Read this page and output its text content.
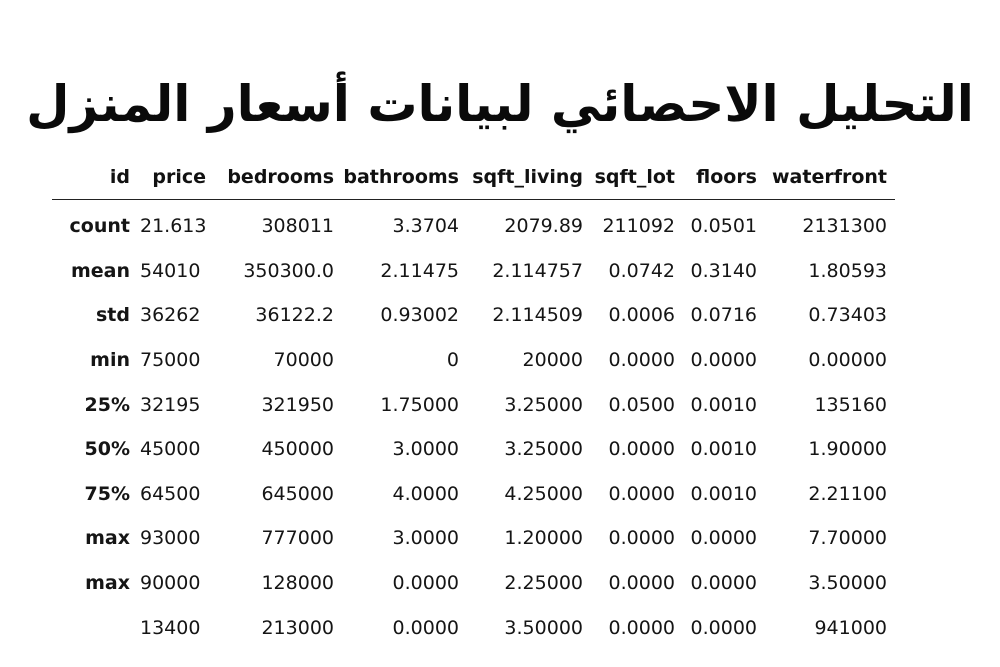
التحليل الاحصائي لبيانات أسعار المنزل
id	price	bedrooms	bathrooms	sqft_living	sqft_lot	floors	waterfront
count	21.613	308011	3.3704	2079.89	211092	0.0501	2131300
mean	54010	350300.0	2.11475	2.114757	0.0742	0.3140	1.80593
std	36262	36122.2	0.93002	2.114509	0.0006	0.0716	0.73403
min	75000	70000	0	20000	0.0000	0.0000	0.00000
25%	32195	321950	1.75000	3.25000	0.0500	0.0010	135160
50%	45000	450000	3.0000	3.25000	0.0000	0.0010	1.90000
75%	64500	645000	4.0000	4.25000	0.0000	0.0010	2.21100
max	93000	777000	3.0000	1.20000	0.0000	0.0000	7.70000
max	90000	128000	0.0000	2.25000	0.0000	0.0000	3.50000
	13400	213000	0.0000	3.50000	0.0000	0.0000	941000
